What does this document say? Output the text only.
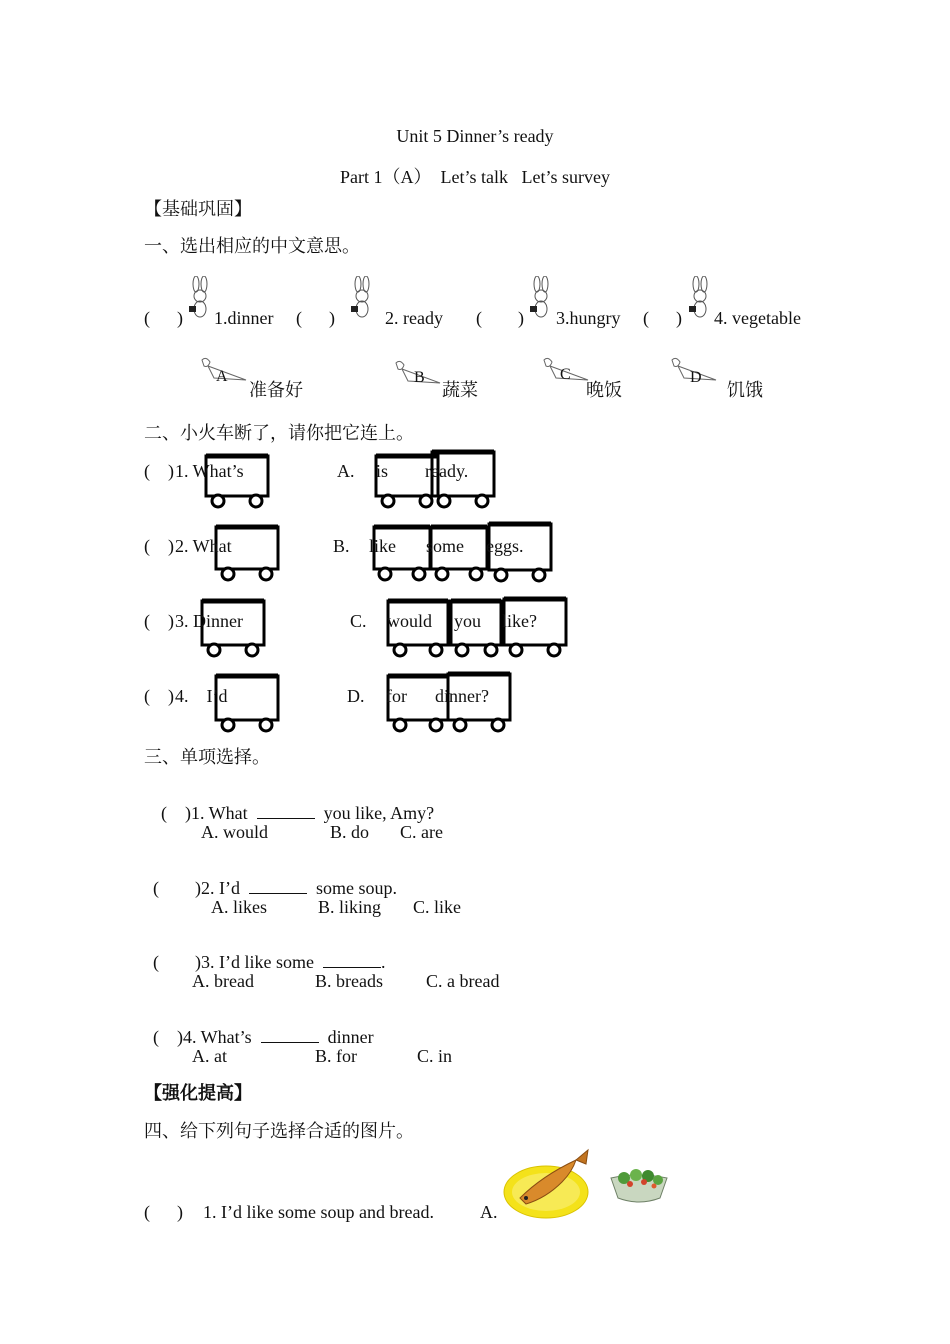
Unit 5 Dinner’s ready
Part 1（A）  Let’s talk   Let’s survey
【基础巩固】
一、选出相应的中文意思。
(      ) 1.dinner (      )	2. ready (        ) 3.hungry (      ) 4. vegetable
A
准备好
B
蔬菜
C
晚饭
D
饥饿
二、小火车断了，请你把它连上。
(    ) 1. What’s	A. is ready.
(    ) 2. What	B. like some eggs.
(    ) 3. Dinner	C. would you like?
(    ) 4.    I’d	D. for dinner?
三、单项选择。

(    )1. What	you like, Amy?

A. would	B. do C. are

(        )2. I’d	some soup.

A. likes	B. liking C. like

(        )3. I’d like some	.

A. bread	B. breads C. a bread

(    )4. What’s	dinner

A. at	B. for	C. in
【强化提高】
四、给下列句子选择合适的图片。
(      ) 1. I’d like some soup and bread.	A.
